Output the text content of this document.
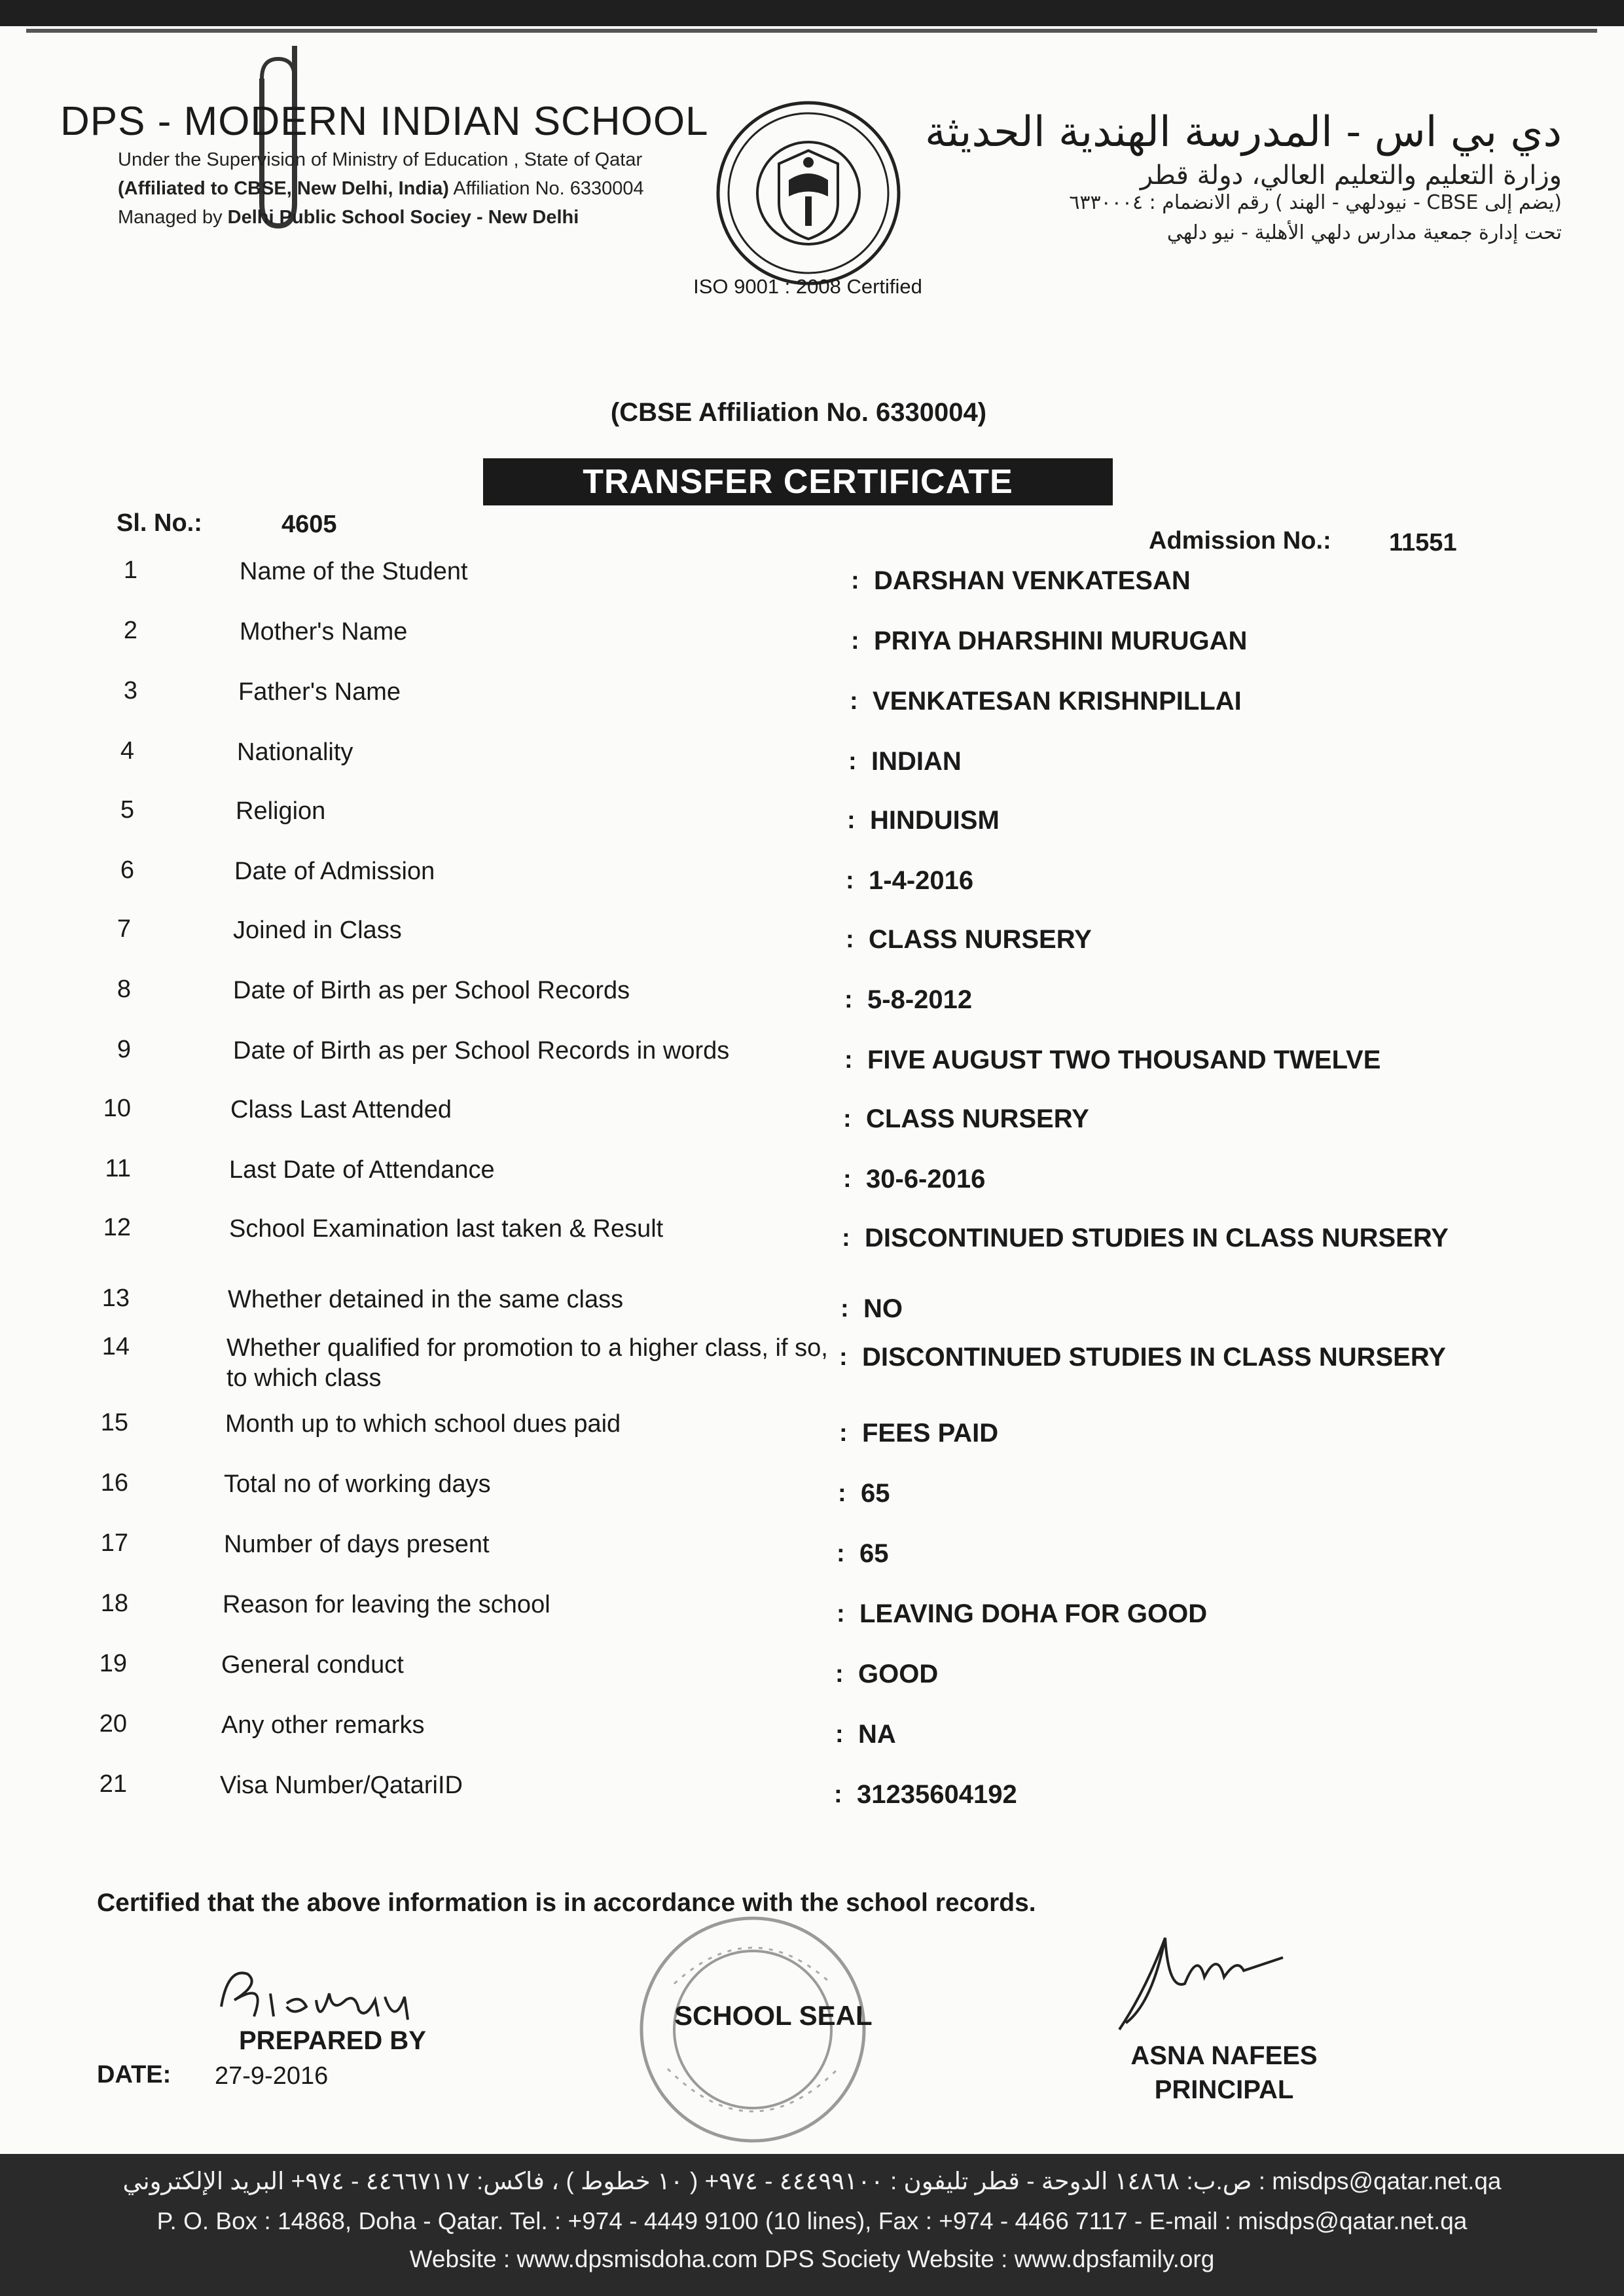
DPS - MODERN INDIAN SCHOOL
Under the Supervision of Ministry of Education , State of Qatar
(Affiliated to CBSE, New Delhi, India) Affiliation No. 6330004
Managed by Delhi Public School Sociey - New Delhi
ISO 9001 : 2008 Certified
دي بي اس - المدرسة الهندية الحديثة
وزارة التعليم والتعليم العالي، دولة قطر
(يضم إلى CBSE - نيودلهي - الهند ) رقم الانضمام : ٦٣٣٠٠٠٤
تحت إدارة جمعية مدارس دلهي الأهلية - نيو دلهي
(CBSE Affiliation No. 6330004)
TRANSFER CERTIFICATE
Sl. No.:	4605
Admission No.: 11551
1	Name of the Student	: DARSHAN VENKATESAN
2	Mother's Name	: PRIYA DHARSHINI MURUGAN
3	Father's Name	: VENKATESAN KRISHNPILLAI
4	Nationality	: INDIAN
5	Religion	: HINDUISM
6	Date of Admission	: 1-4-2016
7	Joined in Class	: CLASS NURSERY
8	Date of Birth as per School Records	: 5-8-2012
9	Date of Birth as per School Records in words	: FIVE AUGUST TWO THOUSAND TWELVE
10	Class Last Attended	: CLASS NURSERY
11	Last Date of Attendance	: 30-6-2016
12	School Examination last taken & Result	: DISCONTINUED STUDIES IN CLASS NURSERY
13	Whether detained in the same class	: NO
14	Whether qualified for promotion to a higher class, if so, to which class
: DISCONTINUED STUDIES IN CLASS NURSERY
15	Month up to which school dues paid	: FEES PAID
16	Total no of working days	: 65
17	Number of days present	: 65
18	Reason for leaving the school	: LEAVING DOHA FOR GOOD
19	General conduct	: GOOD
20	Any other remarks	: NA
21	Visa Number/QatariID	: 31235604192
Certified that the above information is in accordance with the school records.
PREPARED BY
DATE: 27-9-2016
SCHOOL SEAL
ASNA NAFEES
PRINCIPAL
ص.ب: ١٤٨٦٨ الدوحة - قطر تليفون : ٤٤٤٩٩١٠٠ - ٩٧٤+ ( ١٠ خطوط ) ، فاكس: ٤٤٦٦٧١١٧ - ٩٧٤+ البريد الإلكتروني : misdps@qatar.net.qa
P. O. Box : 14868, Doha - Qatar. Tel. : +974 - 4449 9100 (10 lines), Fax : +974 - 4466 7117 - E-mail : misdps@qatar.net.qa
Website : www.dpsmisdoha.com DPS Society Website : www.dpsfamily.org
